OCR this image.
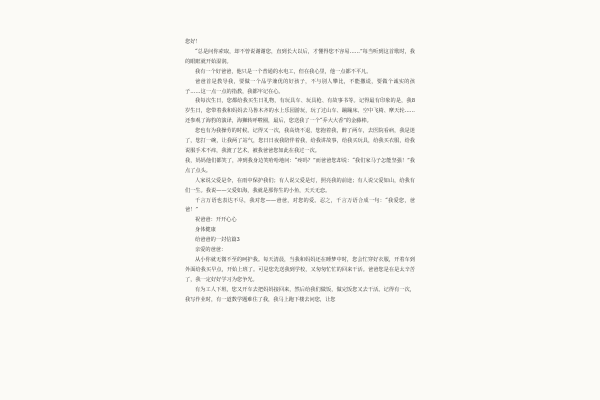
您好！

“总是问你索取，却不曾说谢谢您，直到长大以后，才懂得您不容易……”每当听到这首歌时，我的眼眶就开始湿润。

我有一个好爸爸，他只是一个普通的水电工，但在我心里，他一点都不平凡。

爸爸首是教导我，要做一个品学兼优的好孩子，不与别人攀比，不能撒谎，要做个诚实的孩子……这一点一点的指教，我都牢记在心。

我每次生日，您都给我买生日礼物，有玩具车、玩具枪、有故事书等。记得最有印象的是，我8岁生日，您带着我和妈妈去马鲁木齐的水上乐园游玩，玩了过山车、蹦蹦床、空中飞椅、摩天轮……还参观了海豹的演译，海狮转呼啦圈，最后，您送我了一个“乔大大香”的金藤棒。

您也有为我操劳的时候。记得又一次，我高烧不退，您抱着我，醉了两车，去医院看病，我是迷了，您打一碗，让我两了站气，您日日夜我陪伴着我，给我讲故事，给我买玩具，给我买衣服，给我说服手术不痒，我渡了艺术，被我爸爸您如此在我过一次。

我，妈妈他们都笑了，冲到我身边笑哈哈地问：“疼吗？”而爸爸您却说：“我们家马子怎能坚强！”我点了点头。

人家说父爱是伞，在雨中保护我们；有人说父爱是灯，照亮我的前途；有人说父爱如山，给我有们一生。我说——父爱如海，我就是那你生的小鱼，天天无恋。

千言万语也表达不尽，我对您——爸爸，对您的爱。忍之，千言万语合成一句：“我爱您，爸爸！”

祝爸爸：开开心心

身体健康

给爸爸的一封信篇3

亲爱的爸爸：

从小你就无微不至的呵护我。每天清晨，当我和妈妈还在睡梦中时，您会忙穿好衣服，开着车到外面给我买早点，开始上班了。可是您先送我到学校，又匆匆忙忙的回来干活。爸爸您是在是太辛苦了，我一定好好学习为您争光。

有为工人下班，您又开车去把妈妈接回来，然后给我们做饭，做完饭您又去干活。记得有一次，我写作业时，有一道数学题难住了我，我马上跑下楼去问您，让您
